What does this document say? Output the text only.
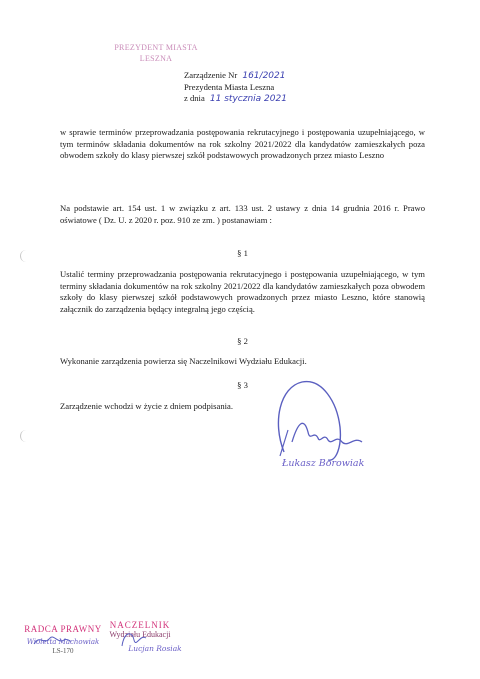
PREZYDENT MIASTA
LESZNA
Zarządzenie Nr 161/2021
Prezydenta Miasta Leszna
z dnia 11 stycznia 2021
w sprawie terminów przeprowadzania postępowania rekrutacyjnego i postępowania uzupełniającego, w tym terminów składania dokumentów na rok szkolny 2021/2022 dla kandydatów zamieszkałych poza obwodem szkoły do klasy pierwszej szkół podstawowych prowadzonych przez miasto Leszno
Na podstawie art. 154 ust. 1 w związku z art. 133 ust. 2 ustawy z dnia 14 grudnia 2016 r. Prawo oświatowe ( Dz. U. z 2020 r. poz. 910 ze zm. ) postanawiam :
§ 1
Ustalić terminy przeprowadzania postępowania rekrutacyjnego i postępowania uzupełniającego, w tym terminy składania dokumentów na rok szkolny 2021/2022 dla kandydatów zamieszkałych poza obwodem szkoły do klasy pierwszej szkół podstawowych prowadzonych przez miasto Leszno, które stanowią załącznik do zarządzenia będący integralną jego częścią.
§ 2
Wykonanie zarządzenia powierza się Naczelnikowi Wydziału Edukacji.
§ 3
Zarządzenie wchodzi w życie z dniem podpisania.
Łukasz Borowiak
RADCA PRAWNY
Wioletta Machowiak
LS-170
NACZELNIK
Wydziału Edukacji
Lucjan Rosiak
